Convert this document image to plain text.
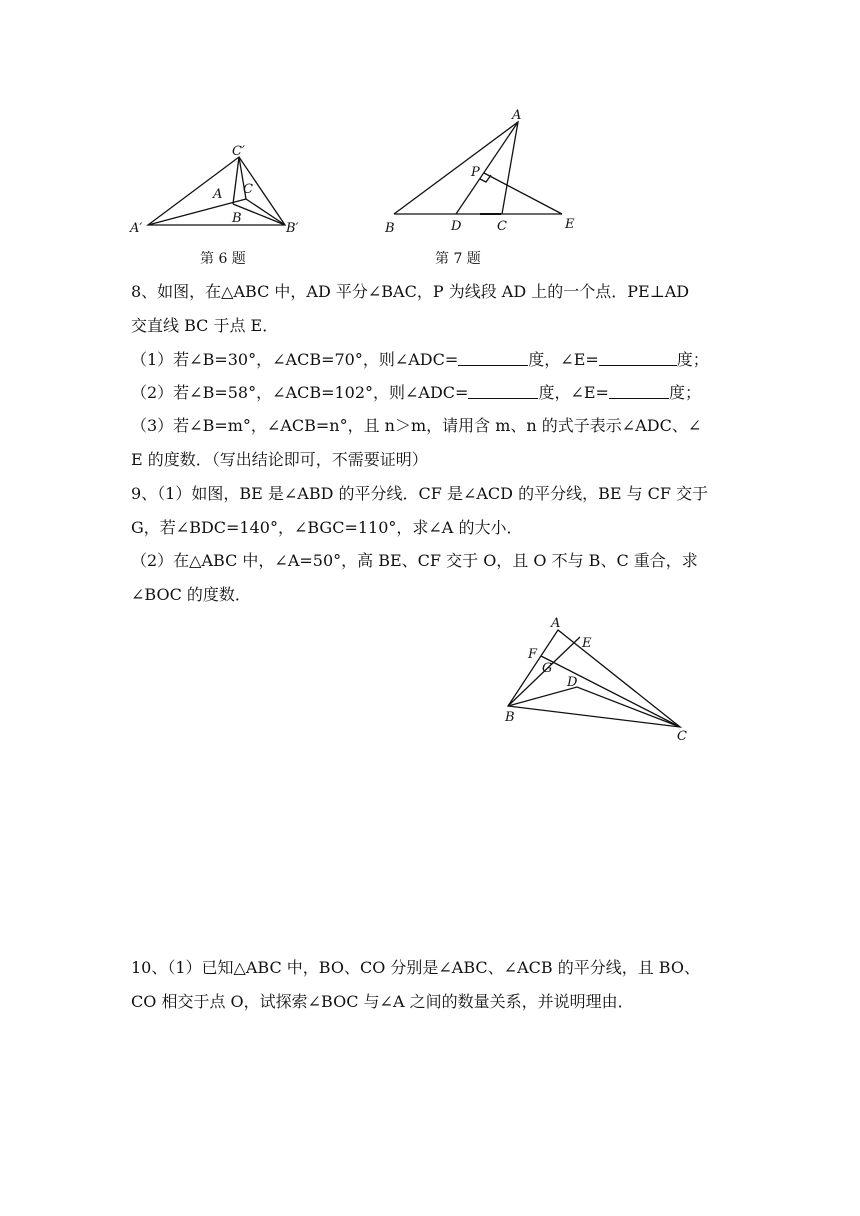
C′
A C
B
A′	B′
第 6 题
A
P
B	D	C	E
第 7 题
8、如图，在△ABC 中，AD 平分∠BAC，P 为线段 AD 上的一个点．PE⊥AD
交直线 BC 于点 E．
（1）若∠B=30°，∠ACB=70°，则∠ADC=	度，∠E=	度；
（2）若∠B=58°，∠ACB=102°，则∠ADC=	度，∠E=	度；
（3）若∠B=m°，∠ACB=n°，且 n＞m，请用含 m、n 的式子表示∠ADC、∠
E 的度数．（写出结论即可，不需要证明）
9、（1）如图，BE 是∠ABD 的平分线．CF 是∠ACD 的平分线，BE 与 CF 交于
G，若∠BDC=140°，∠BGC=110°，求∠A 的大小．
（2）在△ABC 中，∠A=50°，高 BE、CF 交于 O，且 O 不与 B、C 重合，求
∠BOC 的度数．
A
E
F
G
D
B
C
10、（1）已知△ABC 中，BO、CO 分别是∠ABC、∠ACB 的平分线，且 BO、
CO 相交于点 O，试探索∠BOC 与∠A 之间的数量关系，并说明理由．
